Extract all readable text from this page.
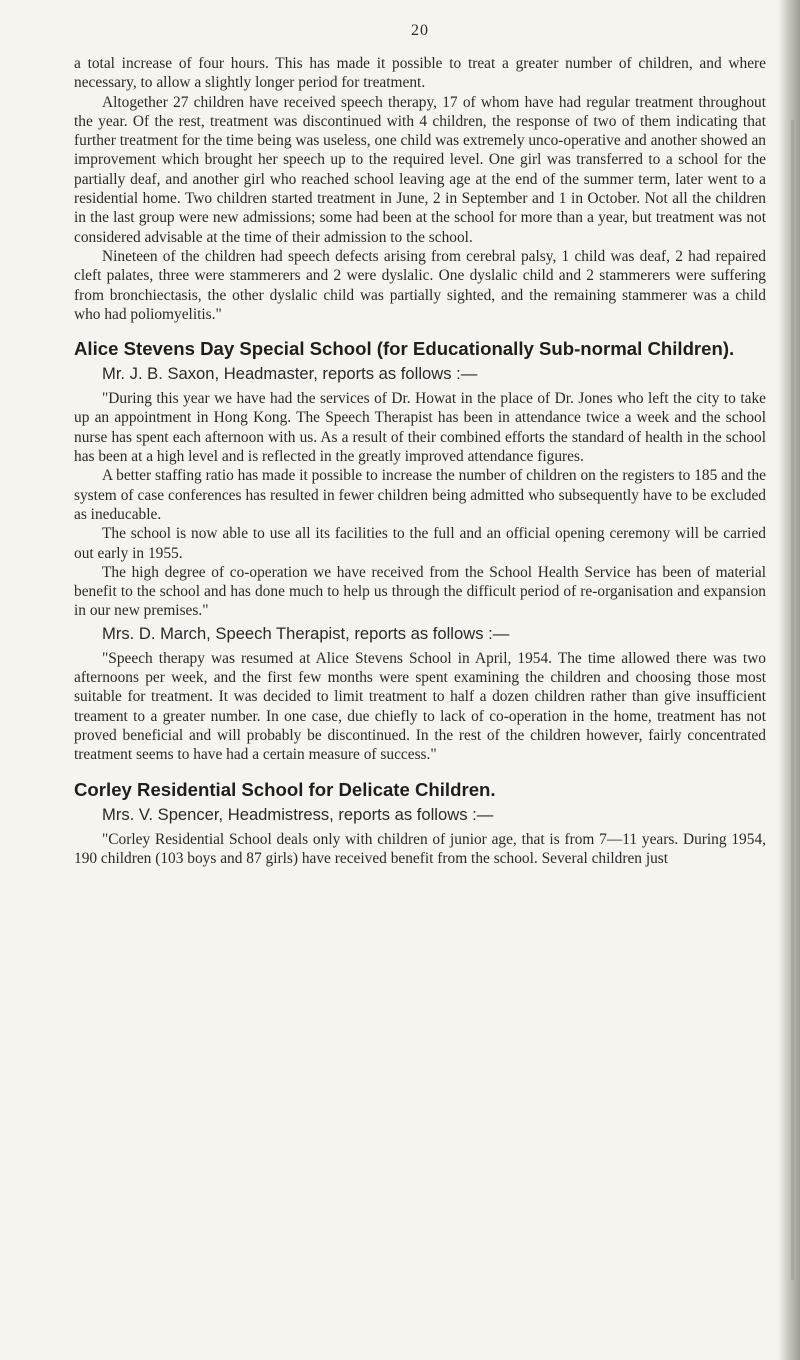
20

a total increase of four hours. This has made it possible to treat a greater number of children, and where necessary, to allow a slightly longer period for treatment.

Altogether 27 children have received speech therapy, 17 of whom have had regular treatment throughout the year. Of the rest, treatment was discontinued with 4 children, the response of two of them indicating that further treatment for the time being was useless, one child was extremely unco-operative and another showed an improvement which brought her speech up to the required level. One girl was transferred to a school for the partially deaf, and another girl who reached school leaving age at the end of the summer term, later went to a residential home. Two children started treatment in June, 2 in September and 1 in October. Not all the children in the last group were new admissions; some had been at the school for more than a year, but treatment was not considered advisable at the time of their admission to the school.

Nineteen of the children had speech defects arising from cerebral palsy, 1 child was deaf, 2 had repaired cleft palates, three were stammerers and 2 were dyslalic. One dyslalic child and 2 stammerers were suffering from bronchiectasis, the other dyslalic child was partially sighted, and the remaining stammerer was a child who had poliomyelitis."

Alice Stevens Day Special School (for Educationally Sub-normal Children).
Mr. J. B. Saxon, Headmaster, reports as follows :—

"During this year we have had the services of Dr. Howat in the place of Dr. Jones who left the city to take up an appointment in Hong Kong. The Speech Therapist has been in attendance twice a week and the school nurse has spent each afternoon with us. As a result of their combined efforts the standard of health in the school has been at a high level and is reflected in the greatly improved attendance figures.

A better staffing ratio has made it possible to increase the number of children on the registers to 185 and the system of case conferences has resulted in fewer children being admitted who subsequently have to be excluded as ineducable.

The school is now able to use all its facilities to the full and an official opening ceremony will be carried out early in 1955.

The high degree of co-operation we have received from the School Health Service has been of material benefit to the school and has done much to help us through the difficult period of re-organisation and expansion in our new premises."

Mrs. D. March, Speech Therapist, reports as follows :—

"Speech therapy was resumed at Alice Stevens School in April, 1954. The time allowed there was two afternoons per week, and the first few months were spent examining the children and choosing those most suitable for treatment. It was decided to limit treatment to half a dozen children rather than give insufficient treament to a greater number. In one case, due chiefly to lack of co-operation in the home, treatment has not proved beneficial and will probably be discontinued. In the rest of the children however, fairly concentrated treatment seems to have had a certain measure of success."

Corley Residential School for Delicate Children.
Mrs. V. Spencer, Headmistress, reports as follows :—

"Corley Residential School deals only with children of junior age, that is from 7—11 years. During 1954, 190 children (103 boys and 87 girls) have received benefit from the school. Several children just
